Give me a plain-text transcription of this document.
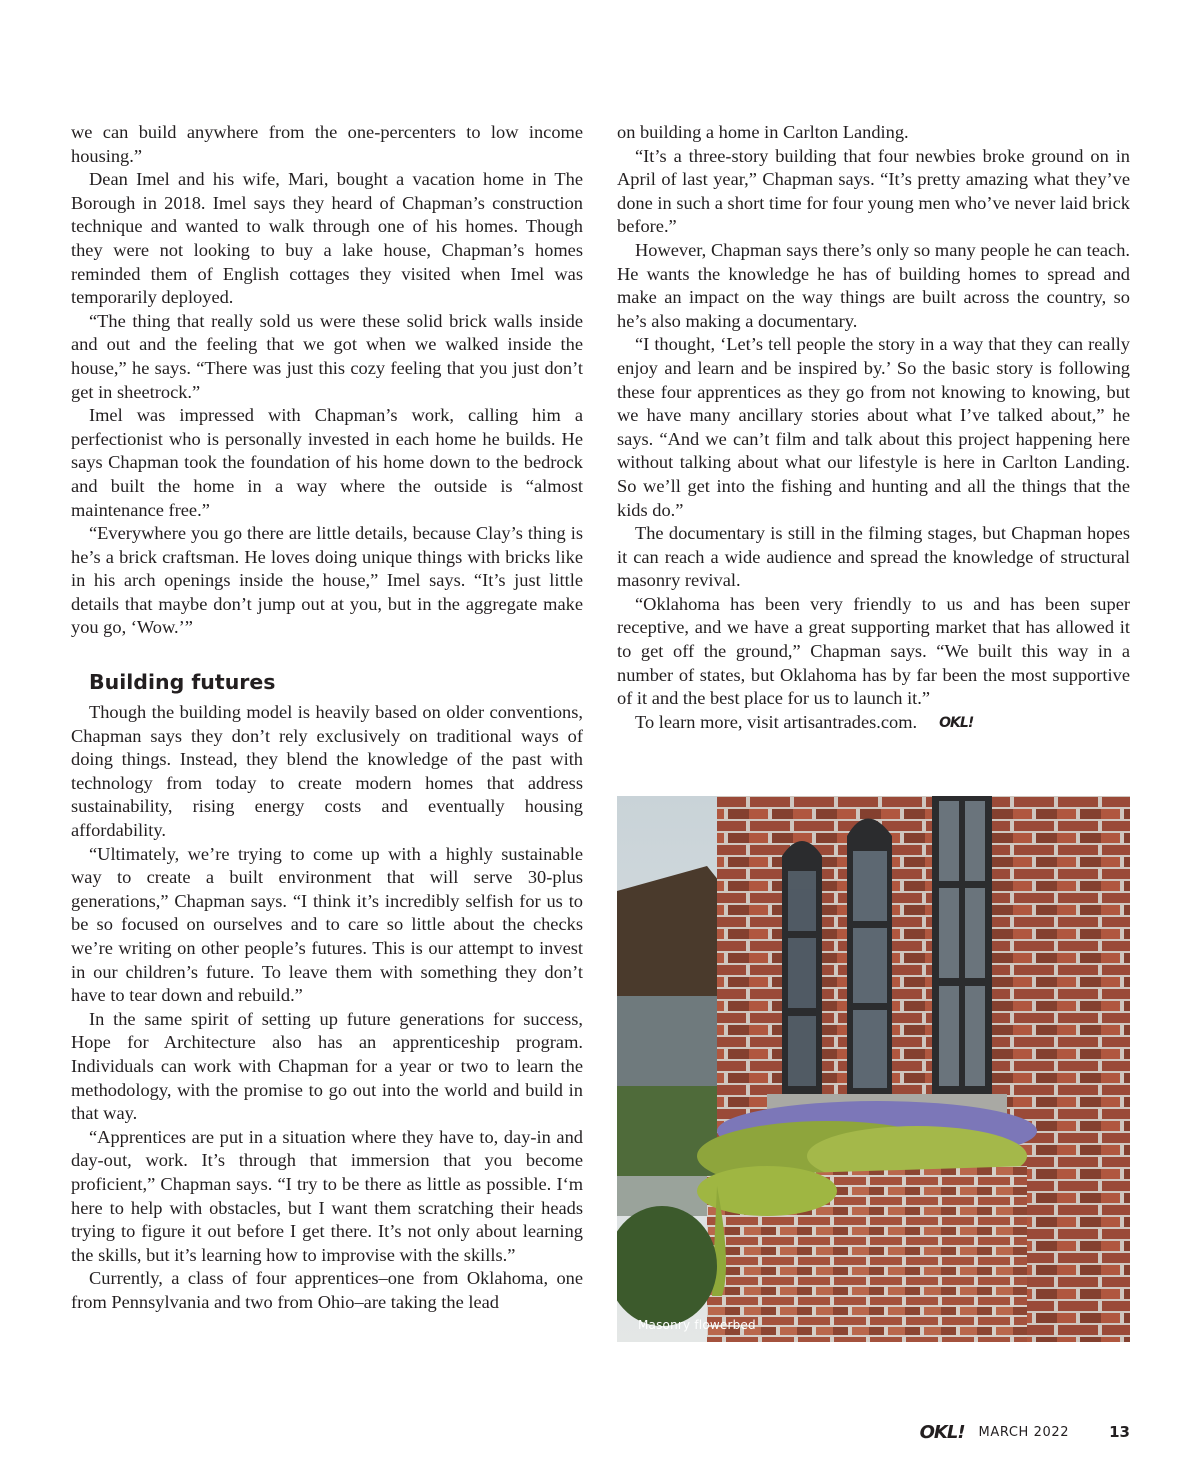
we can build anywhere from the one-percenters to low income housing.”

Dean Imel and his wife, Mari, bought a vacation home in The Borough in 2018. Imel says they heard of Chapman’s construction technique and wanted to walk through one of his homes. Though they were not looking to buy a lake house, Chapman’s homes reminded them of English cottages they visited when Imel was temporarily deployed.

“The thing that really sold us were these solid brick walls inside and out and the feeling that we got when we walked inside the house,” he says. “There was just this cozy feeling that you just don’t get in sheetrock.”

Imel was impressed with Chapman’s work, calling him a perfectionist who is personally invested in each home he builds. He says Chapman took the foundation of his home down to the bedrock and built the home in a way where the outside is “almost maintenance free.”

“Everywhere you go there are little details, because Clay’s thing is he’s a brick craftsman. He loves doing unique things with bricks like in his arch openings inside the house,” Imel says. “It’s just little details that maybe don’t jump out at you, but in the aggregate make you go, ‘Wow.’”

Building futures

Though the building model is heavily based on older conventions, Chapman says they don’t rely exclusively on traditional ways of doing things. Instead, they blend the knowledge of the past with technology from today to create modern homes that address sustainability, rising energy costs and eventually housing affordability.

“Ultimately, we’re trying to come up with a highly sustainable way to create a built environment that will serve 30-plus generations,” Chapman says. “I think it’s incredibly selfish for us to be so focused on ourselves and to care so little about the checks we’re writing on other people’s futures. This is our attempt to invest in our children’s future. To leave them with something they don’t have to tear down and rebuild.”

In the same spirit of setting up future generations for success, Hope for Architecture also has an apprenticeship program. Individuals can work with Chapman for a year or two to learn the methodology, with the promise to go out into the world and build in that way.

“Apprentices are put in a situation where they have to, day-in and day-out, work. It’s through that immersion that you become proficient,” Chapman says. “I try to be there as little as possible. I‘m here to help with obstacles, but I want them scratching their heads trying to figure it out before I get there. It’s not only about learning the skills, but it’s learning how to improvise with the skills.”

Currently, a class of four apprentices–one from Oklahoma, one from Pennsylvania and two from Ohio–are taking the lead

on building a home in Carlton Landing.

“It’s a three-story building that four newbies broke ground on in April of last year,” Chapman says. “It’s pretty amazing what they’ve done in such a short time for four young men who’ve never laid brick before.”

However, Chapman says there’s only so many people he can teach. He wants the knowledge he has of building homes to spread and make an impact on the way things are built across the country, so he’s also making a documentary.

“I thought, ‘Let’s tell people the story in a way that they can really enjoy and learn and be inspired by.’ So the basic story is following these four apprentices as they go from not knowing to knowing, but we have many ancillary stories about what I’ve talked about,” he says. “And we can’t film and talk about this project happening here without talking about what our lifestyle is here in Carlton Landing. So we’ll get into the fishing and hunting and all the things that the kids do.”

The documentary is still in the filming stages, but Chapman hopes it can reach a wide audience and spread the knowledge of structural masonry revival.

“Oklahoma has been very friendly to us and has been super receptive, and we have a great supporting market that has allowed it to get off the ground,” Chapman says. “We built this way in a number of states, but Oklahoma has by far been the most supportive of it and the best place for us to launch it.”

To learn more, visit artisantrades.com. OKL!

Masonry flowerbed
OKL! MARCH 2022	13
